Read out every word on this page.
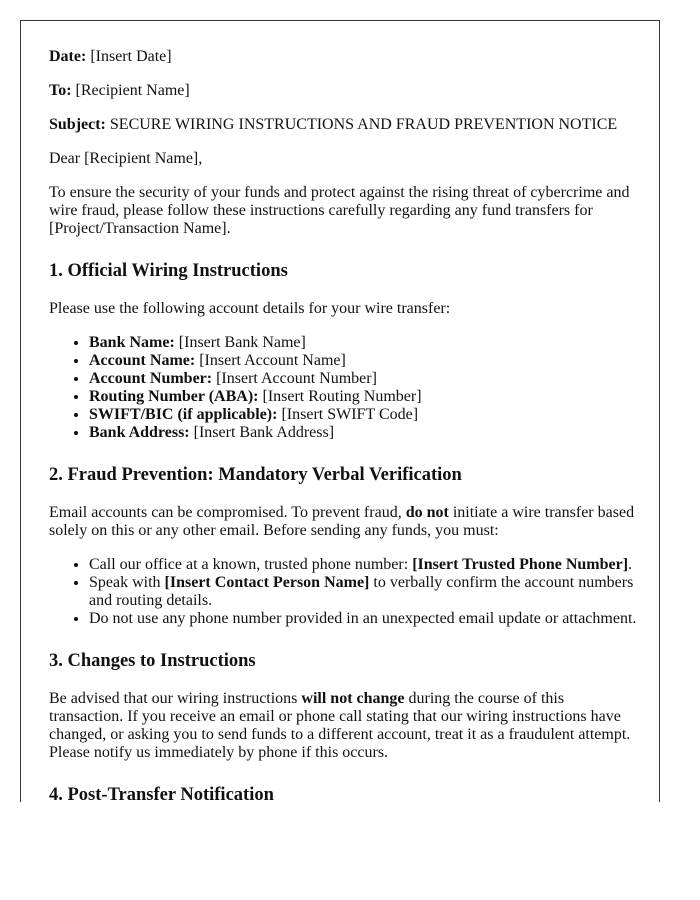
Date: [Insert Date]

To: [Recipient Name]

Subject: SECURE WIRING INSTRUCTIONS AND FRAUD PREVENTION NOTICE

Dear [Recipient Name],

To ensure the security of your funds and protect against the rising threat of cybercrime and wire fraud, please follow these instructions carefully regarding any fund transfers for [Project/Transaction Name].

1. Official Wiring Instructions

Please use the following account details for your wire transfer:

• Bank Name: [Insert Bank Name]
• Account Name: [Insert Account Name]
• Account Number: [Insert Account Number]
• Routing Number (ABA): [Insert Routing Number]
• SWIFT/BIC (if applicable): [Insert SWIFT Code]
• Bank Address: [Insert Bank Address]
2. Fraud Prevention: Mandatory Verbal Verification

Email accounts can be compromised. To prevent fraud, do not initiate a wire transfer based solely on this or any other email. Before sending any funds, you must:

• Call our office at a known, trusted phone number: [Insert Trusted Phone Number].
• Speak with [Insert Contact Person Name] to verbally confirm the account numbers and routing details.
• Do not use any phone number provided in an unexpected email update or attachment.
3. Changes to Instructions

Be advised that our wiring instructions will not change during the course of this transaction. If you receive an email or phone call stating that our wiring instructions have changed, or asking you to send funds to a different account, treat it as a fraudulent attempt. Please notify us immediately by phone if this occurs.

4. Post-Transfer Notification
